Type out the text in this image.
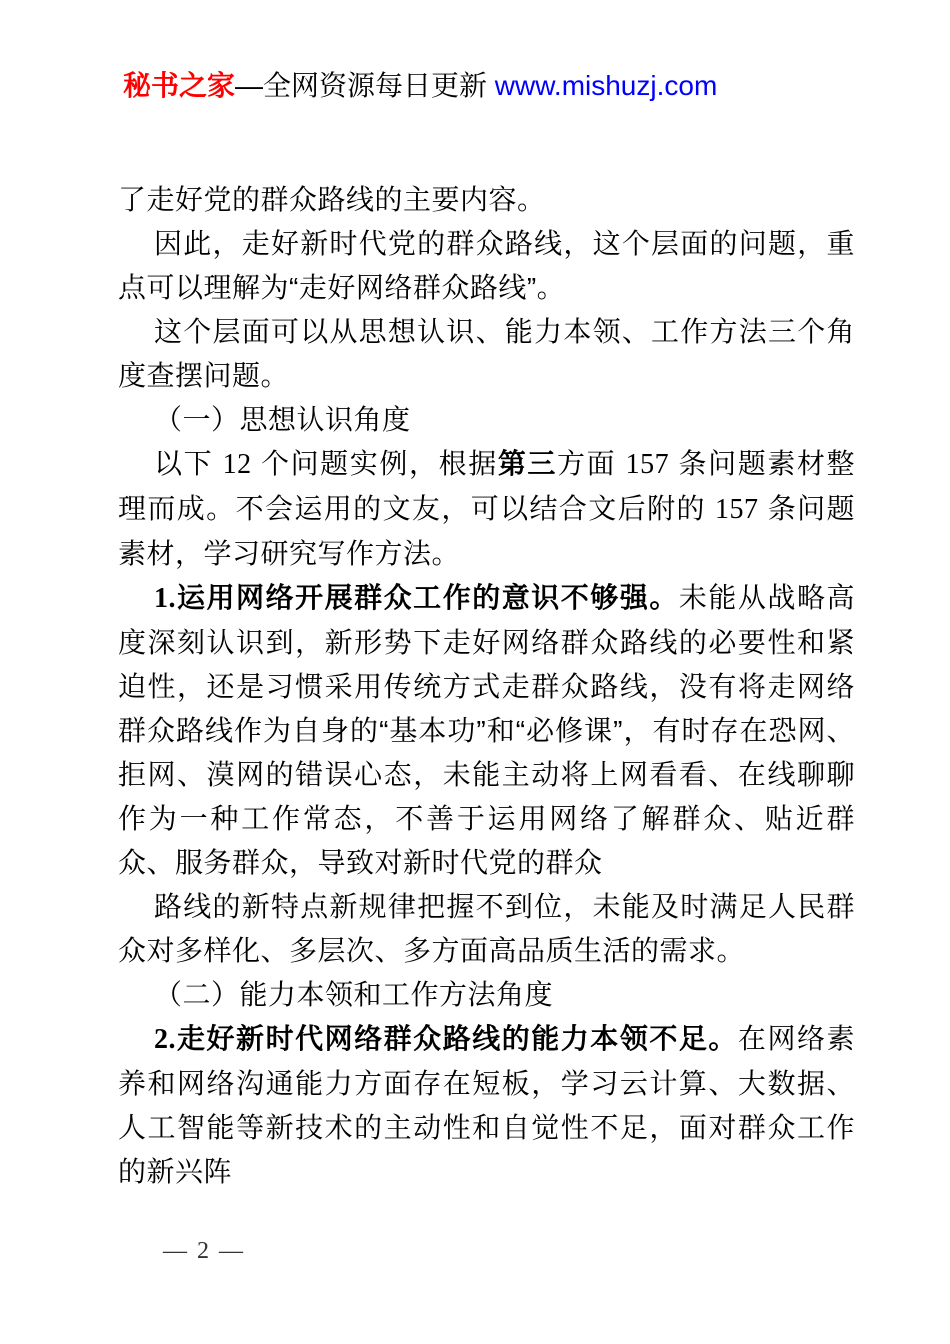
秘书之家—全网资源每日更新 www.mishuzj.com

了走好党的群众路线的主要内容。

因此，走好新时代党的群众路线，这个层面的问题，重点可以理解为“走好网络群众路线”。

这个层面可以从思想认识、能力本领、工作方法三个角度查摆问题。

（一）思想认识角度

以下 12 个问题实例，根据第三方面 157 条问题素材整理而成。不会运用的文友，可以结合文后附的 157 条问题素材，学习研究写作方法。

1.运用网络开展群众工作的意识不够强。未能从战略高度深刻认识到，新形势下走好网络群众路线的必要性和紧迫性，还是习惯采用传统方式走群众路线，没有将走网络群众路线作为自身的“基本功”和“必修课”，有时存在恐网、拒网、漠网的错误心态，未能主动将上网看看、在线聊聊作为一种工作常态，不善于运用网络了解群众、贴近群众、服务群众，导致对新时代党的群众

路线的新特点新规律把握不到位，未能及时满足人民群众对多样化、多层次、多方面高品质生活的需求。

（二）能力本领和工作方法角度

2.走好新时代网络群众路线的能力本领不足。在网络素养和网络沟通能力方面存在短板，学习云计算、大数据、人工智能等新技术的主动性和自觉性不足，面对群众工作的新兴阵

— 2 —
